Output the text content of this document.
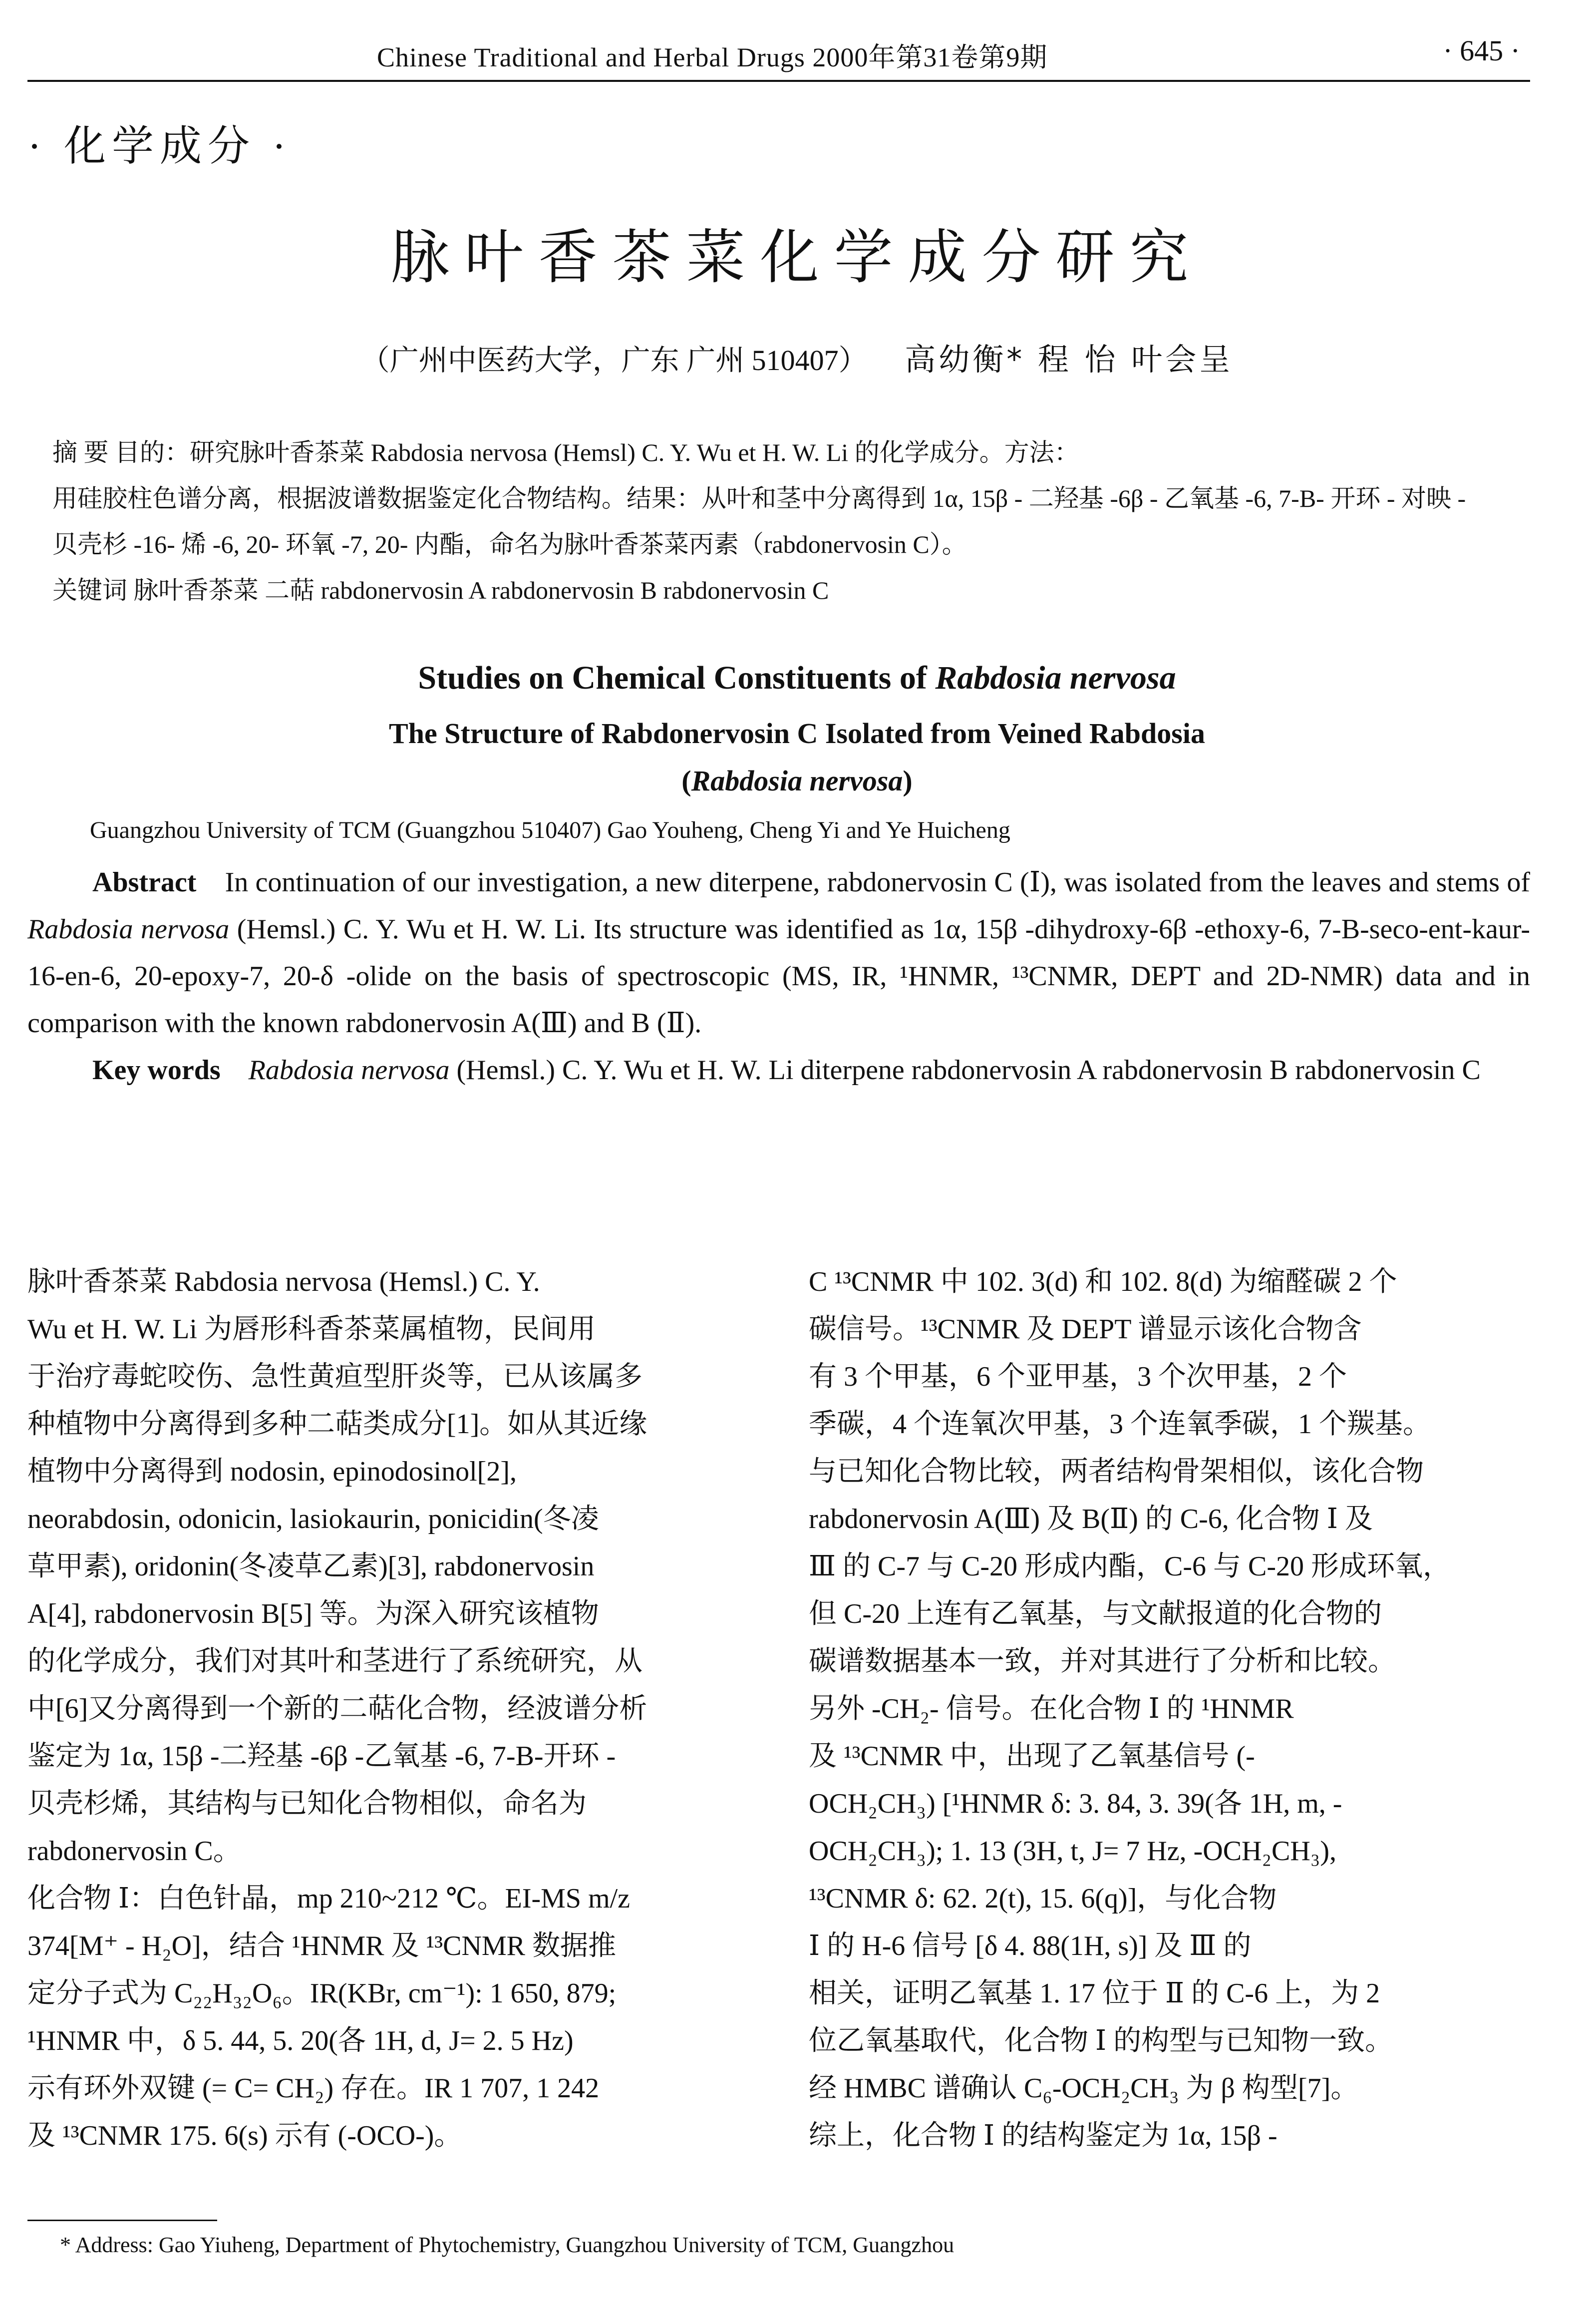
Chinese Traditional and Herbal Drugs 2000年第31卷第9期	· 645 ·
· 化学成分 ·
脉叶香茶菜化学成分研究
（广州中医药大学，广东 广州 510407） 高幼衡* 程 怡 叶会呈

摘 要 目的：研究脉叶香茶菜 Rabdosia nervosa (Hemsl) C. Y. Wu et H. W. Li 的化学成分。方法：

用硅胶柱色谱分离，根据波谱数据鉴定化合物结构。结果：从叶和茎中分离得到 1α, 15β - 二羟基 -6β - 乙氧基 -6, 7-B- 开环 - 对映 -

贝壳杉 -16- 烯 -6, 20- 环氧 -7, 20- 内酯，命名为脉叶香茶菜丙素（rabdonervosin C）。

关键词 脉叶香茶菜 二萜 rabdonervosin A rabdonervosin B rabdonervosin C

Studies on Chemical Constituents of Rabdosia nervosa
The Structure of Rabdonervosin C Isolated from Veined Rabdosia
(Rabdosia nervosa)
Guangzhou University of TCM (Guangzhou 510407) Gao Youheng, Cheng Yi and Ye Huicheng

Abstract In continuation of our investigation, a new diterpene, rabdonervosin C (Ⅰ), was isolated from the leaves and stems of Rabdosia nervosa (Hemsl.) C. Y. Wu et H. W. Li. Its structure was identified as 1α, 15β -dihydroxy-6β -ethoxy-6, 7-B-seco-ent-kaur-16-en-6, 20-epoxy-7, 20-δ -olide on the basis of spectroscopic (MS, IR, ¹HNMR, ¹³CNMR, DEPT and 2D-NMR) data and in comparison with the known rabdonervosin A(Ⅲ) and B (Ⅱ).

Key words Rabdosia nervosa (Hemsl.) C. Y. Wu et H. W. Li diterpene rabdonervosin A rabdonervosin B rabdonervosin C

脉叶香茶菜 Rabdosia nervosa (Hemsl.) C. Y.

Wu et H. W. Li 为唇形科香茶菜属植物，民间用

于治疗毒蛇咬伤、急性黄疸型肝炎等，已从该属多

种植物中分离得到多种二萜类成分[1]。如从其近缘

植物中分离得到 nodosin, epinodosinol[2],

neorabdosin, odonicin, lasiokaurin, ponicidin(冬凌

草甲素), oridonin(冬凌草乙素)[3], rabdonervosin

A[4], rabdonervosin B[5] 等。为深入研究该植物

的化学成分，我们对其叶和茎进行了系统研究，从

中[6]又分离得到一个新的二萜化合物，经波谱分析

鉴定为 1α, 15β -二羟基 -6β -乙氧基 -6, 7-B-开环 -

贝壳杉烯，其结构与已知化合物相似，命名为

rabdonervosin C。

化合物 Ⅰ：白色针晶，mp 210~212 ℃。EI-MS m/z

374[M⁺ - H₂O]，结合 ¹HNMR 及 ¹³CNMR 数据推

定分子式为 C₂₂H₃₂O₆。IR(KBr, cm⁻¹): 1 650, 879;

¹HNMR 中，δ 5. 44, 5. 20(各 1H, d, J= 2. 5 Hz)

示有环外双键 (= C= CH₂) 存在。IR 1 707, 1 242

及 ¹³CNMR 175. 6(s) 示有 (-OCO-)。

C ¹³CNMR 中 102. 3(d) 和 102. 8(d) 为缩醛碳 2 个

碳信号。¹³CNMR 及 DEPT 谱显示该化合物含

有 3 个甲基，6 个亚甲基，3 个次甲基，2 个

季碳，4 个连氧次甲基，3 个连氧季碳，1 个羰基。

与已知化合物比较，两者结构骨架相似，该化合物

rabdonervosin A(Ⅲ) 及 B(Ⅱ) 的 C-6, 化合物 Ⅰ 及

Ⅲ 的 C-7 与 C-20 形成内酯，C-6 与 C-20 形成环氧，

但 C-20 上连有乙氧基，与文献报道的化合物的

碳谱数据基本一致，并对其进行了分析和比较。

另外 -CH₂- 信号。在化合物 Ⅰ 的 ¹HNMR

及 ¹³CNMR 中，出现了乙氧基信号 (-

OCH₂CH₃) [¹HNMR δ: 3. 84, 3. 39(各 1H, m, -

OCH₂CH₃); 1. 13 (3H, t, J= 7 Hz, -OCH₂CH₃),

¹³CNMR δ: 62. 2(t), 15. 6(q)]，与化合物

Ⅰ 的 H-6 信号 [δ 4. 88(1H, s)] 及 Ⅲ 的

相关，证明乙氧基 1. 17 位于 Ⅱ 的 C-6 上，为 2

位乙氧基取代，化合物 Ⅰ 的构型与已知物一致。

经 HMBC 谱确认 C₆-OCH₂CH₃ 为 β 构型[7]。

综上，化合物 Ⅰ 的结构鉴定为 1α, 15β -

* Address: Gao Yiuheng, Department of Phytochemistry, Guangzhou University of TCM, Guangzhou
